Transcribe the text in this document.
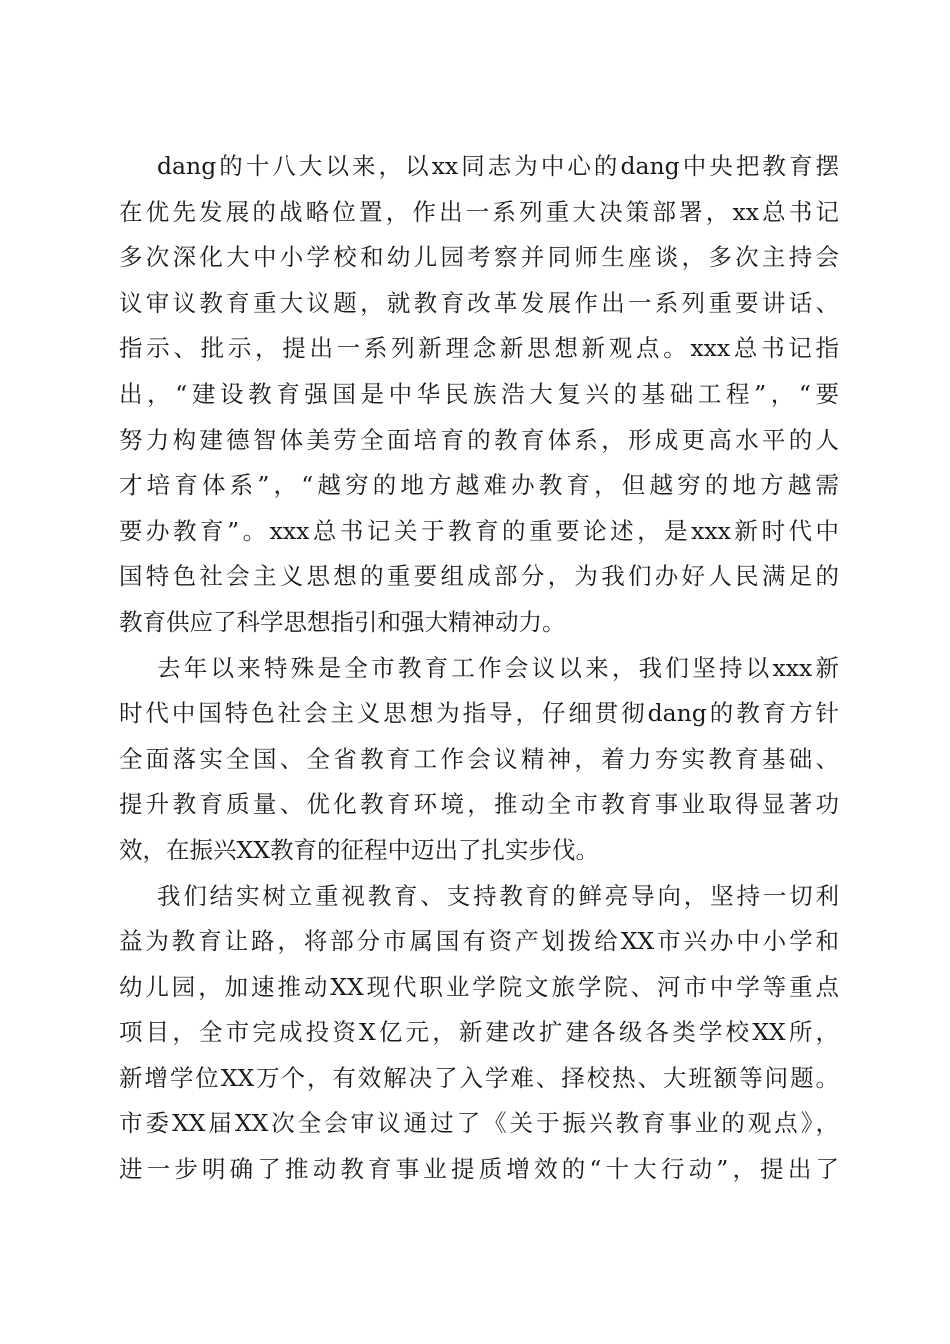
dang的十八大以来，以xx同志为中心的dang中央把教育摆
在优先发展的战略位置，作出一系列重大决策部署，xx总书记
多次深化大中小学校和幼儿园考察并同师生座谈，多次主持会
议审议教育重大议题，就教育改革发展作出一系列重要讲话、
指示、批示，提出一系列新理念新思想新观点。xxx总书记指
出，“建设教育强国是中华民族浩大复兴的基础工程”，“要
努力构建德智体美劳全面培育的教育体系，形成更高水平的人
才培育体系”，“越穷的地方越难办教育，但越穷的地方越需
要办教育”。xxx总书记关于教育的重要论述，是xxx新时代中
国特色社会主义思想的重要组成部分，为我们办好人民满足的
教育供应了科学思想指引和强大精神动力。
去年以来特殊是全市教育工作会议以来，我们坚持以xxx新
时代中国特色社会主义思想为指导，仔细贯彻dang的教育方针
全面落实全国、全省教育工作会议精神，着力夯实教育基础、
提升教育质量、优化教育环境，推动全市教育事业取得显著功
效，在振兴XX教育的征程中迈出了扎实步伐。
我们结实树立重视教育、支持教育的鲜亮导向，坚持一切利
益为教育让路，将部分市属国有资产划拨给XX市兴办中小学和
幼儿园，加速推动XX现代职业学院文旅学院、河市中学等重点
项目，全市完成投资X亿元，新建改扩建各级各类学校XX所，
新增学位XX万个，有效解决了入学难、择校热、大班额等问题。
市委XX届XX次全会审议通过了《关于振兴教育事业的观点》，
进一步明确了推动教育事业提质增效的“十大行动”，提出了
